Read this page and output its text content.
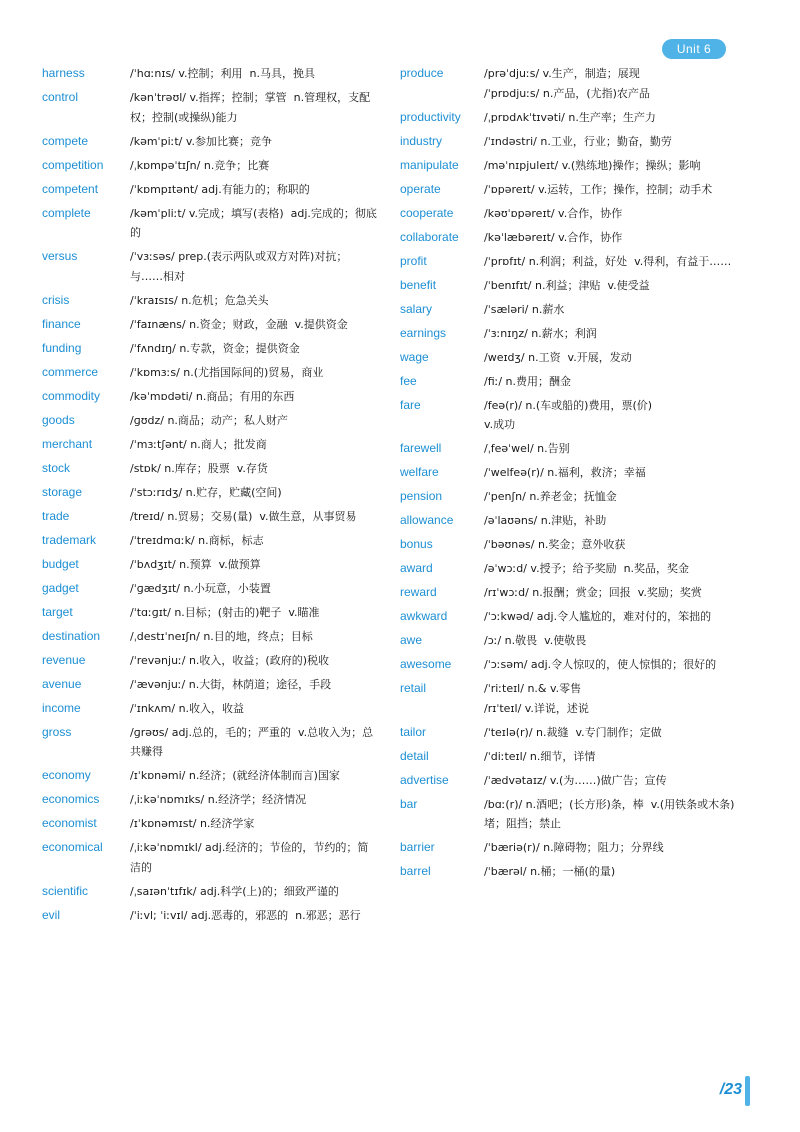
Unit 6
harness	/ˈhɑːnɪs/ v.控制；利用  n.马具，挽具
control	/kənˈtrəʊl/ v.指挥；控制；掌管  n.管理权，支配权；控制(或操纵)能力
compete	/kəmˈpiːt/ v.参加比赛；竞争
competition	/ˌkɒmpəˈtɪʃn/ n.竞争；比赛
competent	/ˈkɒmpɪtənt/ adj.有能力的；称职的
complete	/kəmˈpliːt/ v.完成；填写(表格)  adj.完成的；彻底的
versus	/ˈvɜːsəs/ prep.(表示两队或双方对阵)对抗；与……相对
crisis	/ˈkraɪsɪs/ n.危机；危急关头
finance	/ˈfaɪnæns/ n.资金；财政，金融  v.提供资金
funding	/ˈfʌndɪŋ/ n.专款，资金；提供资金
commerce	/ˈkɒmɜːs/ n.(尤指国际间的)贸易，商业
commodity	/kəˈmɒdəti/ n.商品；有用的东西
goods	/ɡʊdz/ n.商品；动产；私人财产
merchant	/ˈmɜːtʃənt/ n.商人；批发商
stock	/stɒk/ n.库存；股票  v.存货
storage	/ˈstɔːrɪdʒ/ n.贮存，贮藏(空间)
trade	/treɪd/ n.贸易；交易(量)  v.做生意，从事贸易
trademark	/ˈtreɪdmɑːk/ n.商标，标志
budget	/ˈbʌdʒɪt/ n.预算  v.做预算
gadget	/ˈɡædʒɪt/ n.小玩意，小装置
target	/ˈtɑːɡɪt/ n.目标；(射击的)靶子  v.瞄准
destination	/ˌdestɪˈneɪʃn/ n.目的地，终点；目标
revenue	/ˈrevənjuː/ n.收入，收益；(政府的)税收
avenue	/ˈævənjuː/ n.大街，林荫道；途径，手段
income	/ˈɪnkʌm/ n.收入，收益
gross	/ɡrəʊs/ adj.总的，毛的；严重的  v.总收入为；总共赚得
economy	/ɪˈkɒnəmi/ n.经济；(就经济体制而言)国家
economics	/ˌiːkəˈnɒmɪks/ n.经济学；经济情况
economist	/ɪˈkɒnəmɪst/ n.经济学家
economical	/ˌiːkəˈnɒmɪkl/ adj.经济的；节俭的，节约的；简洁的
scientific	/ˌsaɪənˈtɪfɪk/ adj.科学(上)的；细致严谨的
evil	/ˈiːvl; ˈiːvɪl/ adj.恶毒的，邪恶的  n.邪恶；恶行
produce	/prəˈdjuːs/ v.生产，制造；展现
/ˈprɒdjuːs/ n.产品，(尤指)农产品
productivity	/ˌprɒdʌkˈtɪvəti/ n.生产率；生产力
industry	/ˈɪndəstri/ n.工业，行业；勤奋，勤劳
manipulate	/məˈnɪpjuleɪt/ v.(熟练地)操作；操纵；影响
operate	/ˈɒpəreɪt/ v.运转，工作；操作，控制；动手术
cooperate	/kəʊˈɒpəreɪt/ v.合作，协作
collaborate	/kəˈlæbəreɪt/ v.合作，协作
profit	/ˈprɒfɪt/ n.利润；利益，好处  v.得利，有益于……
benefit	/ˈbenɪfɪt/ n.利益；津贴  v.使受益
salary	/ˈsæləri/ n.薪水
earnings	/ˈɜːnɪŋz/ n.薪水；利润
wage	/weɪdʒ/ n.工资  v.开展，发动
fee	/fiː/ n.费用；酬金
fare	/feə(r)/ n.(车或船的)费用，票(价)
v.成功
farewell	/ˌfeəˈwel/ n.告别
welfare	/ˈwelfeə(r)/ n.福利，救济；幸福
pension	/ˈpenʃn/ n.养老金；抚恤金
allowance	/əˈlaʊəns/ n.津贴，补助
bonus	/ˈbəʊnəs/ n.奖金；意外收获
award	/əˈwɔːd/ v.授予；给予奖励  n.奖品，奖金
reward	/rɪˈwɔːd/ n.报酬；赏金；回报  v.奖励；奖赏
awkward	/ˈɔːkwəd/ adj.令人尴尬的，难对付的，笨拙的
awe	/ɔː/ n.敬畏  v.使敬畏
awesome	/ˈɔːsəm/ adj.令人惊叹的，使人惊惧的；很好的
retail	/ˈriːteɪl/ n.& v.零售
/rɪˈteɪl/ v.详说，述说
tailor	/ˈteɪlə(r)/ n.裁缝  v.专门制作；定做
detail	/ˈdiːteɪl/ n.细节，详情
advertise	/ˈædvətaɪz/ v.(为……)做广告；宣传
bar	/bɑː(r)/ n.酒吧；(长方形)条，棒  v.(用铁条或木条)堵；阻挡；禁止
barrier	/ˈbæriə(r)/ n.障碍物；阻力；分界线
barrel	/ˈbærəl/ n.桶；一桶(的量)
/23
